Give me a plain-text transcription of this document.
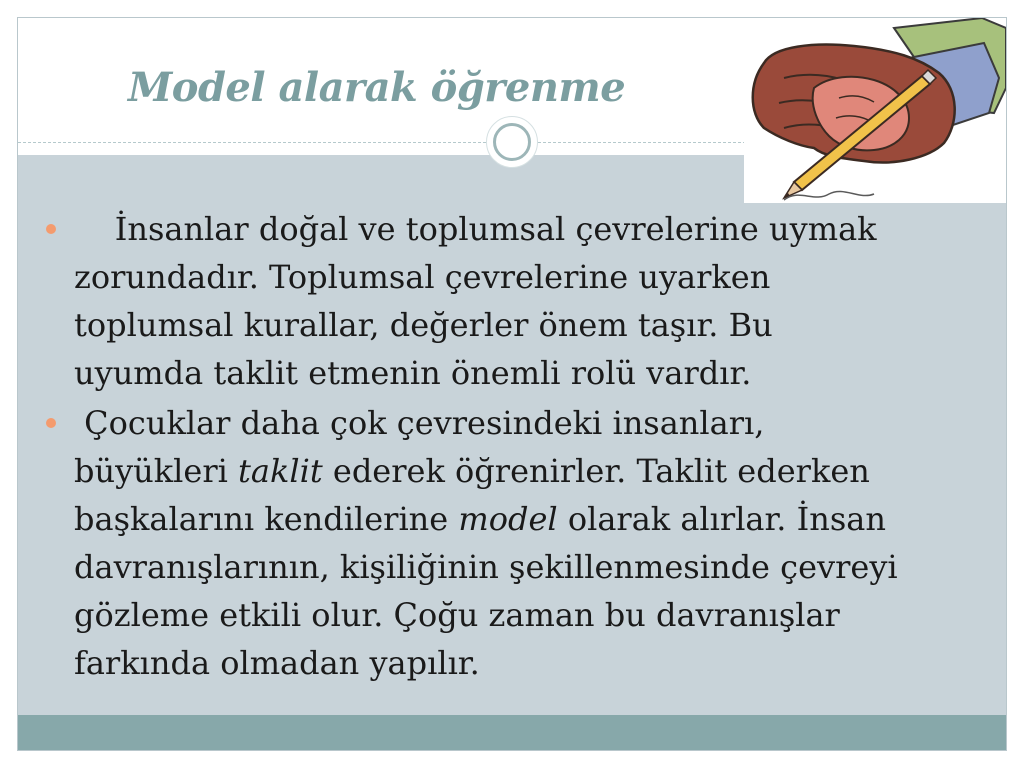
Model alarak öğrenme
İnsanlar doğal ve toplumsal çevrelerine uymak
zorundadır. Toplumsal çevrelerine uyarken
toplumsal kurallar, değerler önem taşır. Bu
uyumda taklit etmenin önemli rolü vardır.
Çocuklar daha çok çevresindeki insanları,
büyükleri taklit ederek öğrenirler. Taklit ederken
başkalarını kendilerine model olarak alırlar. İnsan
davranışlarının, kişiliğinin şekillenmesinde çevreyi
gözleme etkili olur. Çoğu zaman bu davranışlar
farkında olmadan yapılır.
